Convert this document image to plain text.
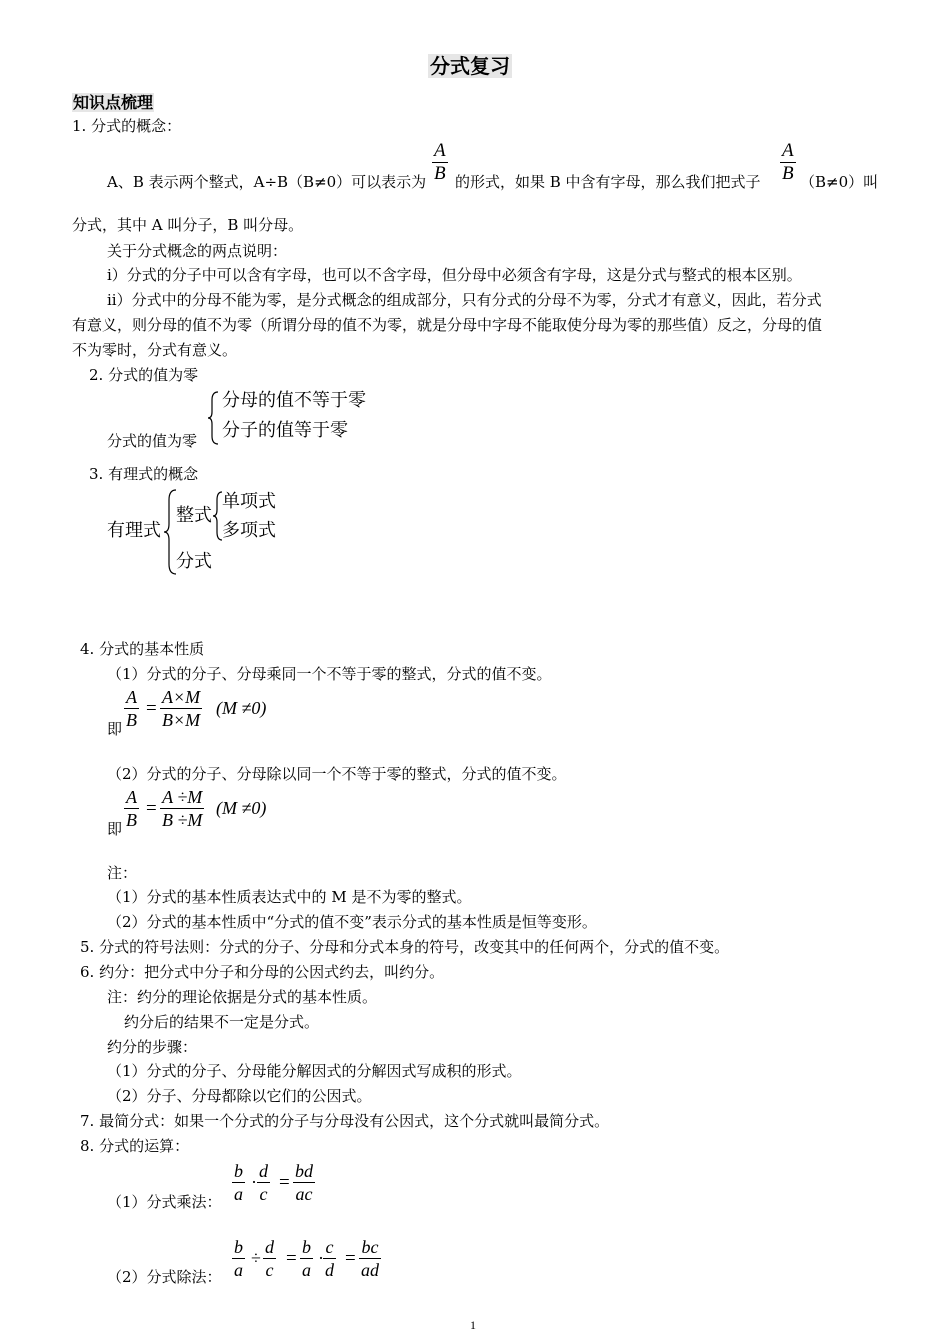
分式复习
知识点梳理
1. 分式的概念：
A、B 表示两个整式，A÷B（B≠0）可以表示为
A
B 的形式，如果 B 中含有字母，那么我们把式子
A
B （B≠0）叫
分式，其中 A 叫分子，B 叫分母。
关于分式概念的两点说明：
i）分式的分子中可以含有字母，也可以不含字母，但分母中必须含有字母，这是分式与整式的根本区别。
ii）分式中的分母不能为零，是分式概念的组成部分，只有分式的分母不为零，分式才有意义，因此，若分式
有意义，则分母的值不为零（所谓分母的值不为零，就是分母中字母不能取使分母为零的那些值）反之，分母的值
不为零时，分式有意义。
2. 分式的值为零
分母的值不等于零
分子的值等于零
分式的值为零
3. 有理式的概念
有理式
整式
单项式
多项式
分式
4. 分式的基本性质
（1）分式的分子、分母乘同一个不等于零的整式，分式的值不变。
即
A
B
=
A×M
B×M
(M ≠0)
（2）分式的分子、分母除以同一个不等于零的整式，分式的值不变。
即
A
B
=
A ÷M
B ÷M
(M ≠0)
注：
（1）分式的基本性质表达式中的 M 是不为零的整式。
（2）分式的基本性质中“分式的值不变”表示分式的基本性质是恒等变形。
5. 分式的符号法则：分式的分子、分母和分式本身的符号，改变其中的任何两个，分式的值不变。
6. 约分：把分式中分子和分母的公因式约去，叫约分。
注：约分的理论依据是分式的基本性质。
约分后的结果不一定是分式。
约分的步骤：
（1）分式的分子、分母能分解因式的分解因式写成积的形式。
（2）分子、分母都除以它们的公因式。
7. 最简分式：如果一个分式的分子与分母没有公因式，这个分式就叫最简分式。
8. 分式的运算：
（1）分式乘法：
b
a
·
d
c
=
bd
ac
（2）分式除法：
b
a
÷
d
c
=
b
a
·
c
d
=
bc
ad
1
